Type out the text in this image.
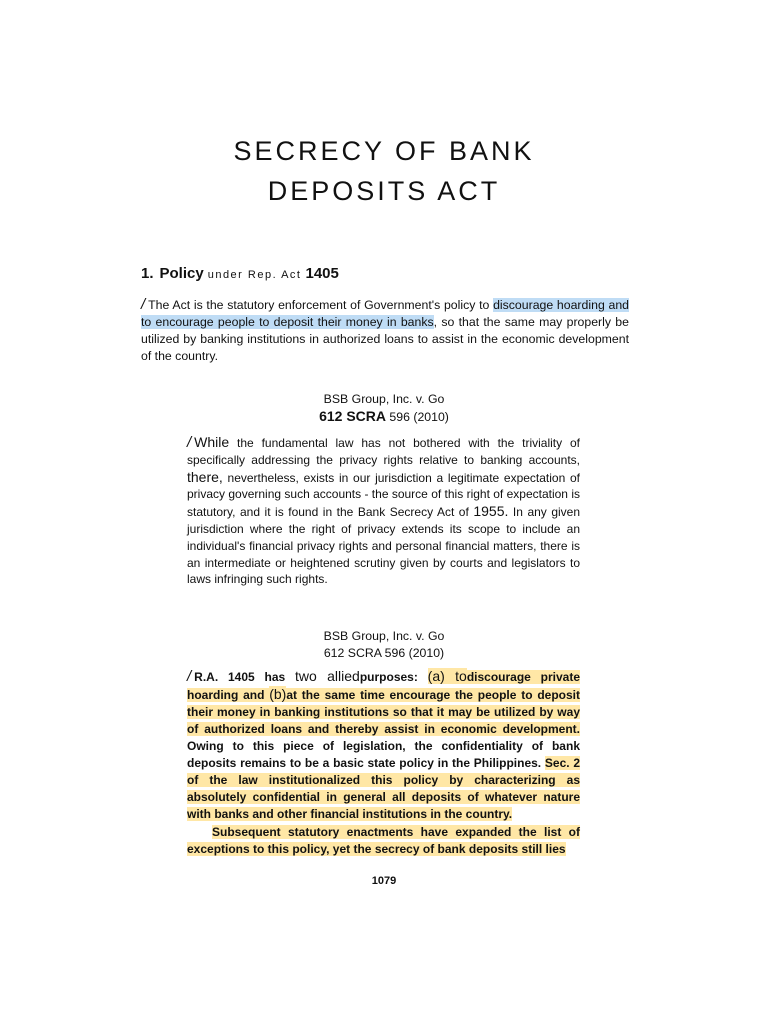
SECRECY OF BANK
DEPOSITS ACT
1. Policy under Rep. Act 1405

/ The Act is the statutory enforcement of Government's policy to discourage hoarding and to encourage people to deposit their money in banks, so that the same may properly be utilized by banking institutions in authorized loans to assist in the economic development of the country.

BSB Group, Inc. v. Go
612 SCRA 596 (2010)

/ While the fundamental law has not bothered with the triviality of specifically addressing the privacy rights relative to banking accounts, there, nevertheless, exists in our jurisdiction a legitimate expectation of privacy governing such accounts - the source of this right of expectation is statutory, and it is found in the Bank Secrecy Act of 1955. In any given jurisdiction where the right of privacy extends its scope to include an individual's financial privacy rights and personal financial matters, there is an intermediate or heightened scrutiny given by courts and legislators to laws infringing such rights.

BSB Group, Inc. v. Go
612 SCRA 596 (2010)

/ R.A. 1405 has two alliedpurposes: (a) todiscourage private hoarding and (b)at the same time encourage the people to deposit their money in banking institutions so that it may be utilized by way of authorized loans and thereby assist in economic development. Owing to this piece of legislation, the confidentiality of bank deposits remains to be a basic state policy in the Philippines. Sec. 2 of the law institutionalized this policy by characterizing as absolutely confidential in general all deposits of whatever nature with banks and other financial institutions in the country.

Subsequent statutory enactments have expanded the list of exceptions to this policy, yet the secrecy of bank deposits still lies

1079
